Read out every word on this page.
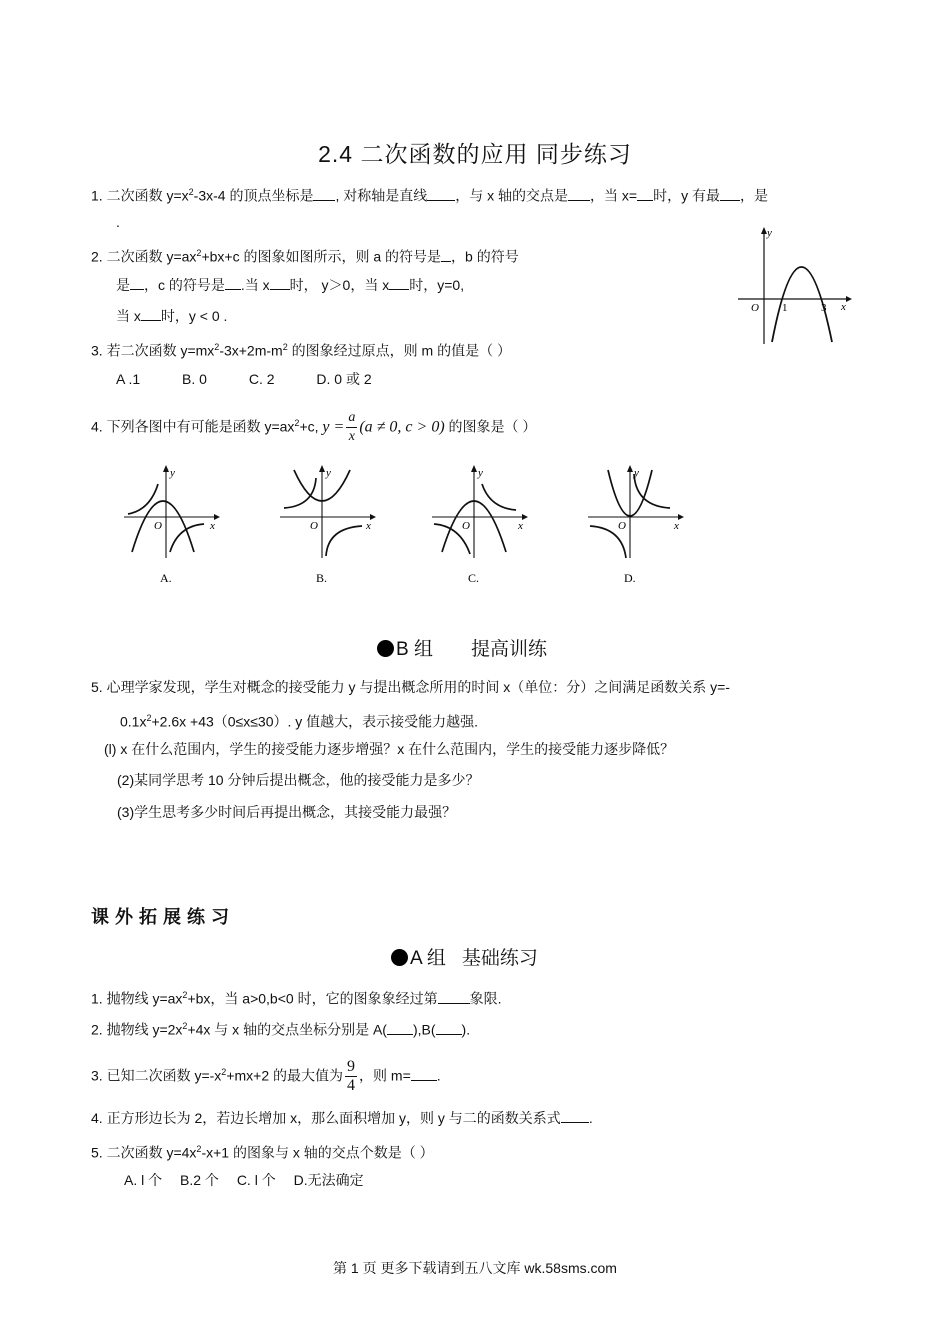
2.4 二次函数的应用 同步练习
1. 二次函数 $y=x^2-3x-4$ 的顶点坐标是 , 对称轴是直线 ，与 x 轴的交点是 ，当 x= 时，y 有最 ，是
.
2. 二次函数 $y=ax^2+bx+c$ 的图象如图所示，则 a 的符号是 ，b 的符号
是 ，c 的符号是 .当 x 时， y＞0，当 x 时，y=0,
当 x 时，y < 0 .
y
x
O 1	3
3. 若二次函数 $y=mx^2-3x+2m-m^2$ 的图象经过原点，则 m 的值是（ ）
A .1	B. 0	C. 2	D. 0 或 2
4. 下列各图中有可能是函数 $y=ax^2+c$, $y = \frac{a}{x} (a \ne 0$, c > 0) 的图象是（ ）
y
x
O
A.
y
x
O
B.
y
x
O
C.
y
x
O
D.
B 组 提高训练
5. 心理学家发现，学生对概念的接受能力 y 与提出概念所用的时间 x（单位：分）之间满足函数关系 y=-
$0.1x^2+2.6x +43(0\le x\le 30)$. y 值越大，表示接受能力越强.
(l) x 在什么范围内，学生的接受能力逐步增强？x 在什么范围内，学生的接受能力逐步降低？
(2)某同学思考 10 分钟后提出概念，他的接受能力是多少？
(3)学生思考多少时间后再提出概念，其接受能力最强？
课外拓展练习
A 组 基础练习
1. 抛物线 $y=ax^2+bx$，当 a>0,b<0 时，它的图象象经过第 象限.
2. 抛物线 $y=2x^2+4x$ 与 x 轴的交点坐标分别是 A( ),B( ).
3. 已知二次函数 $y=-x^2+mx+2$ 的最大值为 $\frac{9}{4}$ ，则 m= .
4. 正方形边长为 2，若边长增加 x，那么面积增加 y，则 y 与二的函数关系式 .
5. 二次函数 $y=4x^2-x+1$ 的图象与 x 轴的交点个数是（ ）
A. l 个 B.2 个 C. l 个 D.无法确定
第 1 页 更多下载请到五八文库 wk.58sms.com
